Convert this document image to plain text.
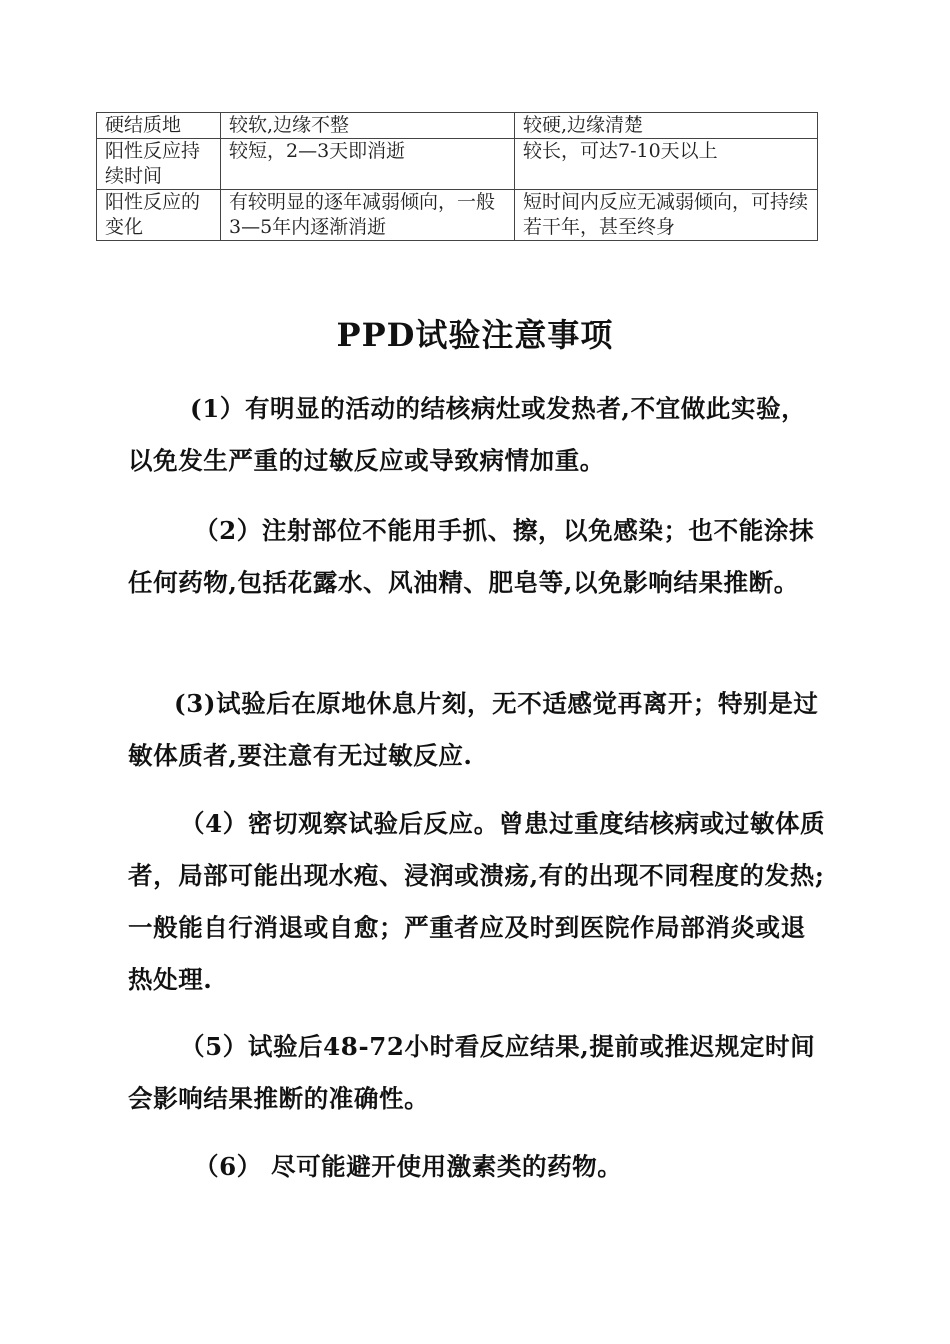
硬结质地	较软,边缘不整	较硬,边缘清楚
阳性反应持续时间	较短，2—3天即消逝	较长，可达7-10天以上
阳性反应的变化	有较明显的逐年减弱倾向，一般3—5年内逐渐消逝	短时间内反应无减弱倾向，可持续若干年，甚至终身
PPD试验注意事项

(1）有明显的活动的结核病灶或发热者,不宜做此实验，以免发生严重的过敏反应或导致病情加重。

（2）注射部位不能用手抓、擦，以免感染；也不能涂抹任何药物,包括花露水、风油精、肥皂等,以免影响结果推断。

(3)试验后在原地休息片刻，无不适感觉再离开；特别是过敏体质者,要注意有无过敏反应.

（4）密切观察试验后反应。曾患过重度结核病或过敏体质者，局部可能出现水疱、浸润或溃疡,有的出现不同程度的发热;一般能自行消退或自愈；严重者应及时到医院作局部消炎或退热处理.

（5）试验后48-72小时看反应结果,提前或推迟规定时间会影响结果推断的准确性。

（6） 尽可能避开使用激素类的药物。
